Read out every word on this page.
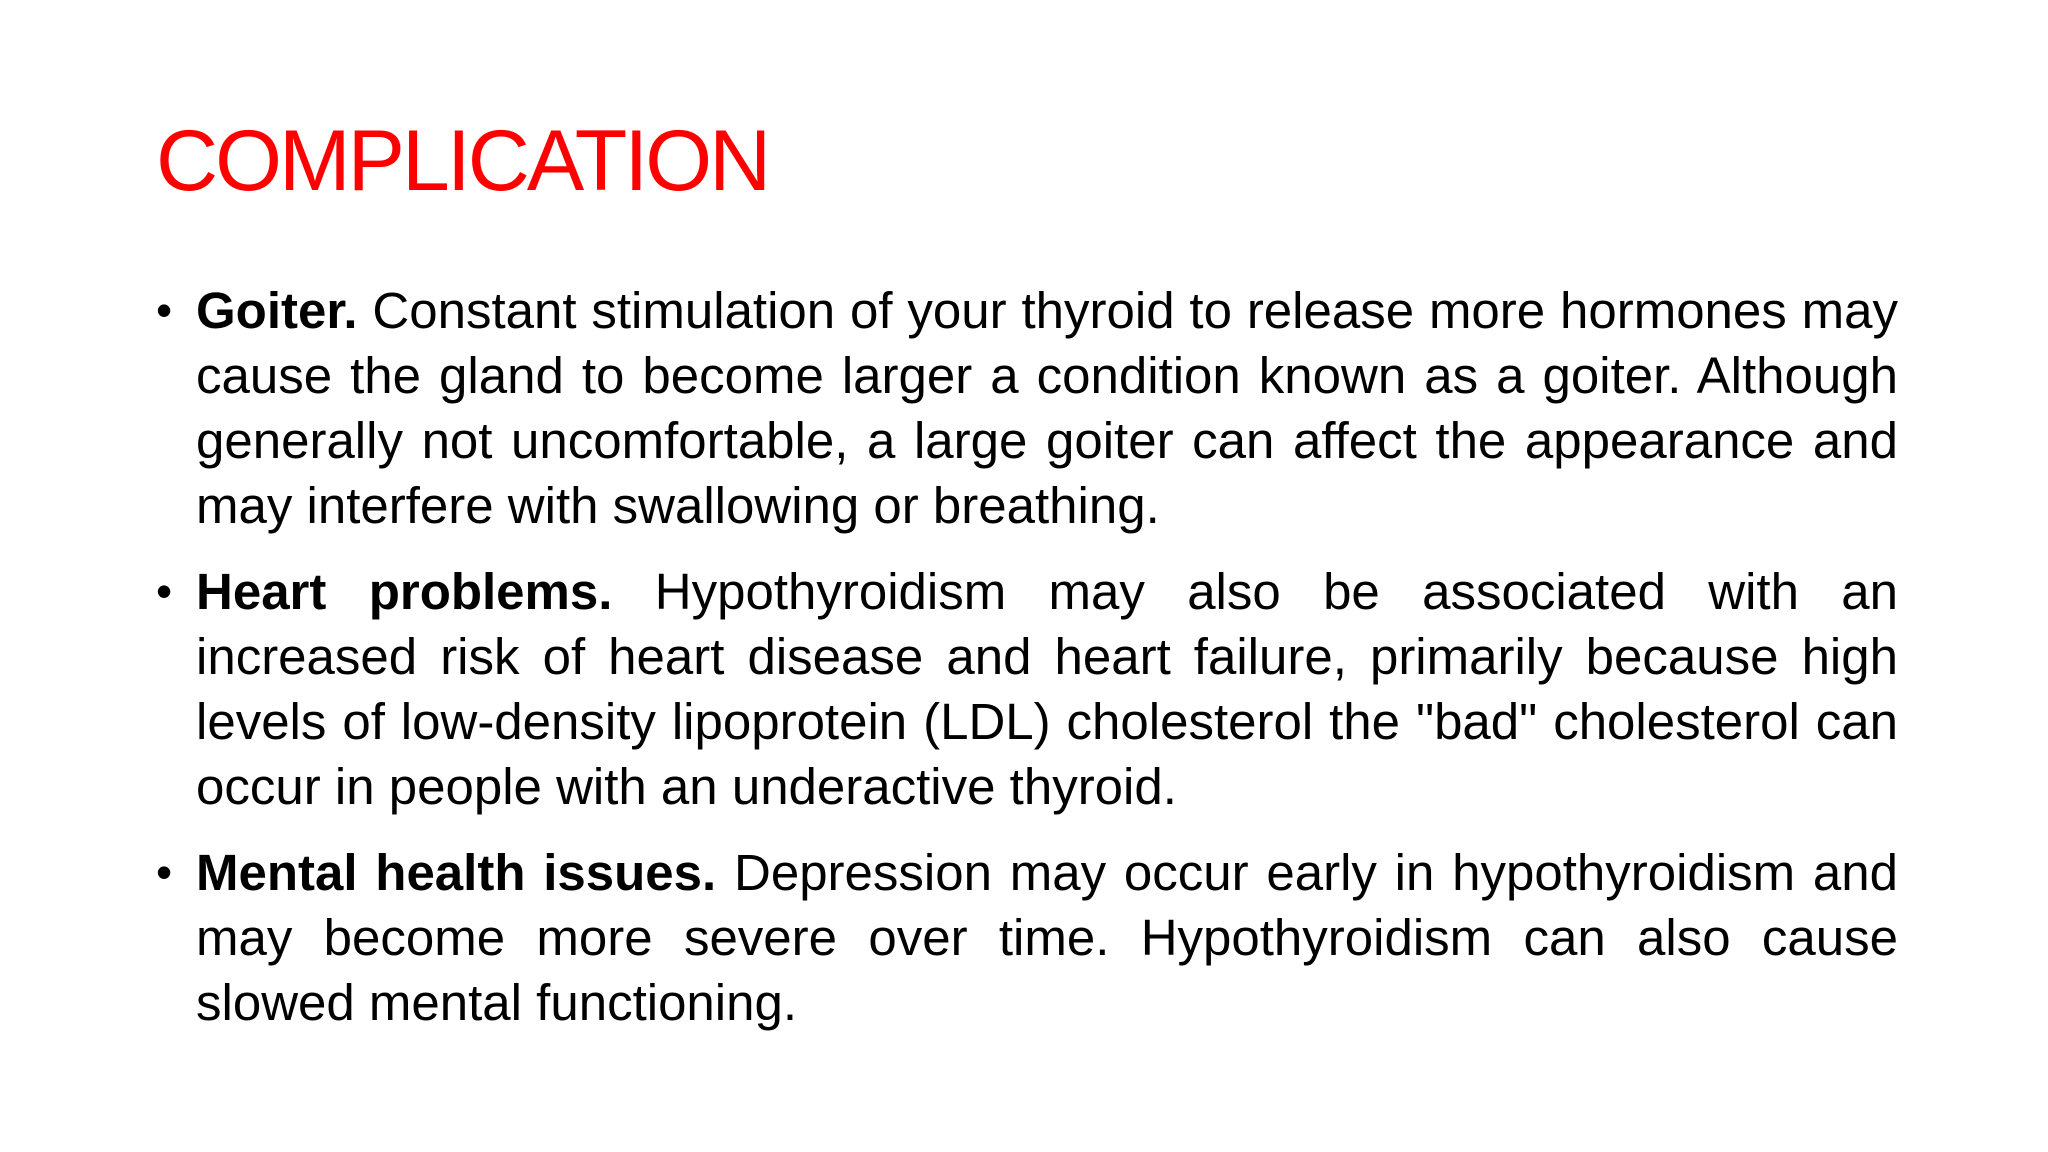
COMPLICATION
• Goiter. Constant stimulation of your thyroid to release more hormones may cause the gland to become larger a condition known as a goiter. Although generally not uncomfortable, a large goiter can affect the appearance and may interfere with swallowing or breathing.
• Heart problems. Hypothyroidism may also be associated with an increased risk of heart disease and heart failure, primarily because high levels of low-density lipoprotein (LDL) cholesterol the "bad" cholesterol can occur in people with an underactive thyroid.
• Mental health issues. Depression may occur early in hypothyroidism and may become more severe over time. Hypothyroidism can also cause slowed mental functioning.
